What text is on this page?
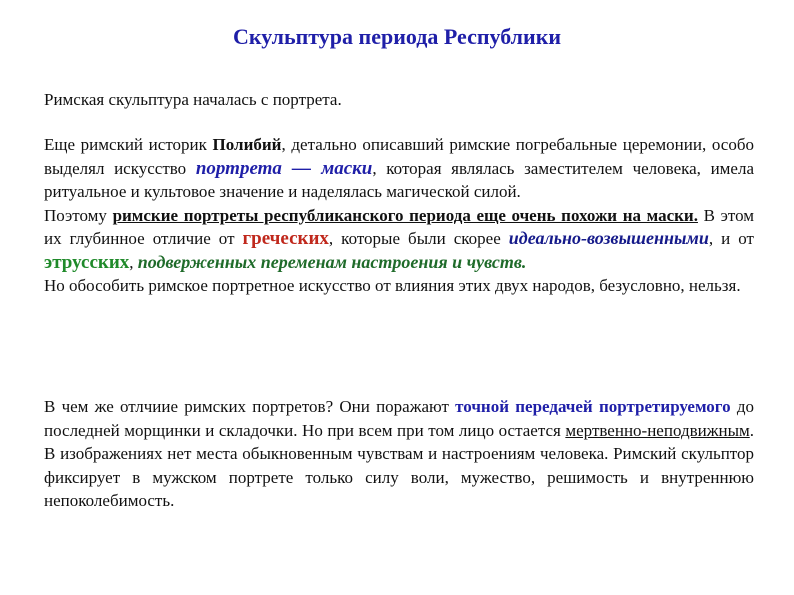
Скульптура периода Республики
Римская скульптура началась с портрета.
Еще римский историк Полибий, детально описавший римские погребальные церемонии, особо выделял искусство портрета — маски, которая являлась заместителем человека, имела ритуальное и культовое значение и наделялась магической силой.
Поэтому римские портреты республиканского периода еще очень похожи на маски. В этом их глубинное отличие от греческих, которые были скорее идеально-возвышенными, и от этрусских, подверженных переменам настроения и чувств.
Но обособить римское портретное искусство от влияния этих двух народов, безусловно, нельзя.
В чем же отлчиие римских портретов? Они поражают точной передачей портретируемого до последней морщинки и складочки. Но при всем при том лицо остается мертвенно-неподвижным. В изображениях нет места обыкновенным чувствам и настроениям человека. Римский скульптор фиксирует в мужском портрете только силу воли, мужество, решимость и внутреннюю непоколебимость.
